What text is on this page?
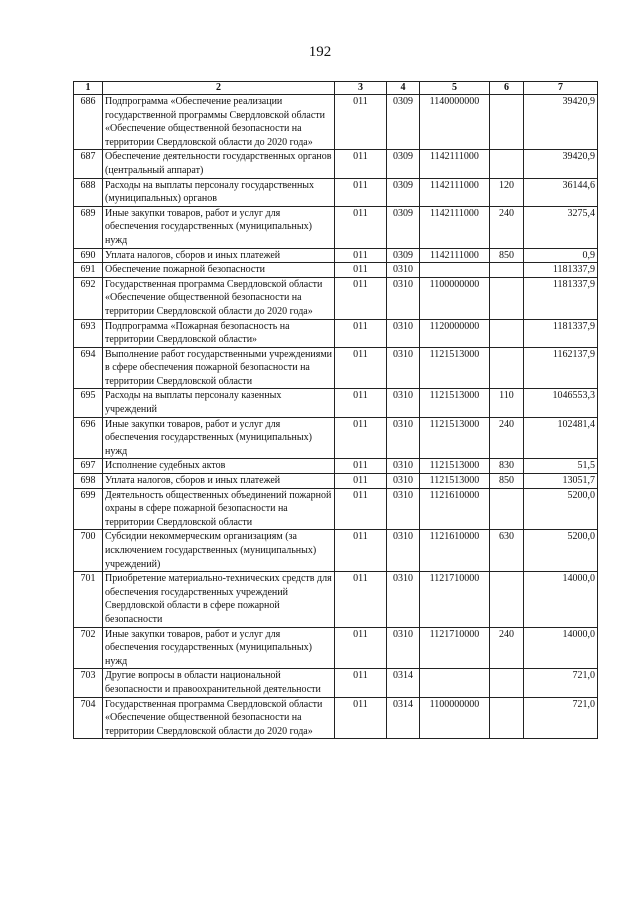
192
1	2	3	4	5	6	7
686	Подпрограмма «Обеспечение реализации государственной программы Свердловской области «Обеспечение общественной безопасности на территории Свердловской области до 2020 года»	011	0309	1140000000		39420,9
687	Обеспечение деятельности государственных органов (центральный аппарат)	011	0309	1142111000		39420,9
688	Расходы на выплаты персоналу государственных (муниципальных) органов	011	0309	1142111000	120	36144,6
689	Иные закупки товаров, работ и услуг для обеспечения государственных (муниципальных) нужд	011	0309	1142111000	240	3275,4
690	Уплата налогов, сборов и иных платежей	011	0309	1142111000	850	0,9
691	Обеспечение пожарной безопасности	011	0310			1181337,9
692	Государственная программа Свердловской области «Обеспечение общественной безопасности на территории Свердловской области до 2020 года»	011	0310	1100000000		1181337,9
693	Подпрограмма «Пожарная безопасность на территории Свердловской области»	011	0310	1120000000		1181337,9
694	Выполнение работ государственными учреждениями в сфере обеспечения пожарной безопасности на территории Свердловской области	011	0310	1121513000		1162137,9
695	Расходы на выплаты персоналу казенных учреждений	011	0310	1121513000	110	1046553,3
696	Иные закупки товаров, работ и услуг для обеспечения государственных (муниципальных) нужд	011	0310	1121513000	240	102481,4
697	Исполнение судебных актов	011	0310	1121513000	830	51,5
698	Уплата налогов, сборов и иных платежей	011	0310	1121513000	850	13051,7
699	Деятельность общественных объединений пожарной охраны в сфере пожарной безопасности на территории Свердловской области	011	0310	1121610000		5200,0
700	Субсидии некоммерческим организациям (за исключением государственных (муниципальных) учреждений)	011	0310	1121610000	630	5200,0
701	Приобретение материально-технических средств для обеспечения государственных учреждений Свердловской области в сфере пожарной безопасности	011	0310	1121710000		14000,0
702	Иные закупки товаров, работ и услуг для обеспечения государственных (муниципальных) нужд	011	0310	1121710000	240	14000,0
703	Другие вопросы в области национальной безопасности и правоохранительной деятельности	011	0314			721,0
704	Государственная программа Свердловской области «Обеспечение общественной безопасности на территории Свердловской области до 2020 года»	011	0314	1100000000		721,0
